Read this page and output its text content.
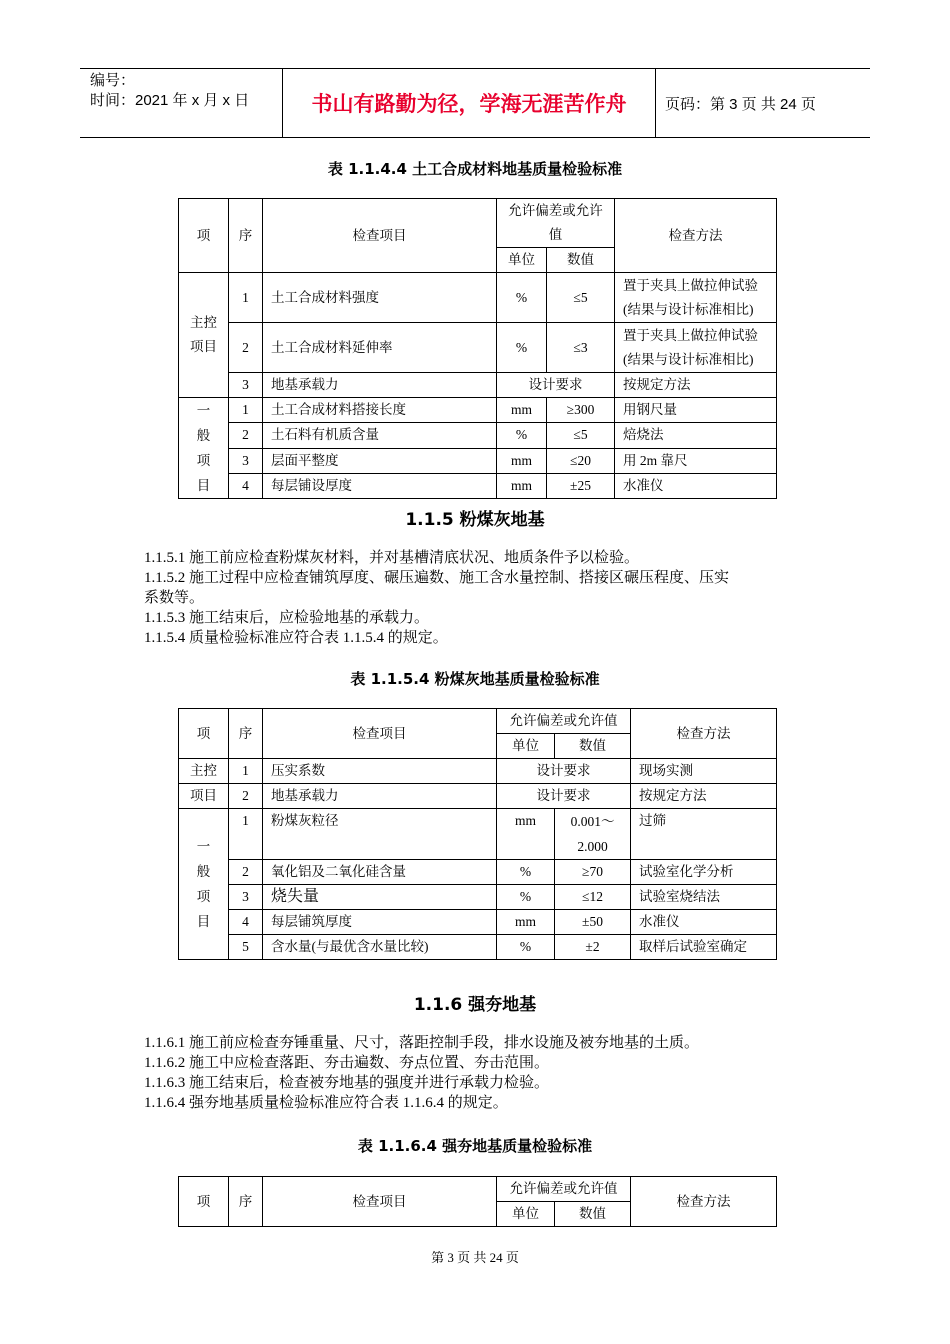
编号：
时间：2021 年 x 月 x 日	书山有路勤为径，学海无涯苦作舟	页码：第 3 页 共 24 页
表 1.1.4.4 土工合成材料地基质量检验标准
项	序	检查项目	允许偏差或允许值		检查方法
			单位	数值	
主控
项目	1	土工合成材料强度	%	≤5	置于夹具上做拉伸试验(结果与设计标准相比)
	2	土工合成材料延伸率	%	≤3	置于夹具上做拉伸试验(结果与设计标准相比)
	3	地基承载力	设计要求		按规定方法
一
般
项
目	1	土工合成材料搭接长度	mm	≥300	用钢尺量
	2	土石料有机质含量	%	≤5	焙烧法
	3	层面平整度	mm	≤20	用 2m 靠尺
	4	每层铺设厚度	mm	±25	水准仪
1.1.5 粉煤灰地基
1.1.5.1 施工前应检查粉煤灰材料，并对基槽清底状况、地质条件予以检验。
1.1.5.2 施工过程中应检查铺筑厚度、碾压遍数、施工含水量控制、搭接区碾压程度、压实
系数等。
1.1.5.3 施工结束后，应检验地基的承载力。
1.1.5.4 质量检验标准应符合表 1.1.5.4 的规定。
表 1.1.5.4 粉煤灰地基质量检验标准
项	序	检查项目	允许偏差或允许值		检查方法
			单位	数值	
主控	1	压实系数	设计要求		现场实测
项目	2	地基承载力	设计要求		按规定方法
一
般
项
目	1	粉煤灰粒径	mm	0.001～2.000	过筛
	2	氧化铝及二氧化硅含量	%	≥70	试验室化学分析
	3	烧失量	%	≤12	试验室烧结法
	4	每层铺筑厚度	mm	±50	水准仪
	5	含水量(与最优含水量比较)	%	±2	取样后试验室确定
1.1.6 强夯地基
1.1.6.1 施工前应检查夯锤重量、尺寸，落距控制手段，排水设施及被夯地基的土质。
1.1.6.2 施工中应检查落距、夯击遍数、夯点位置、夯击范围。
1.1.6.3 施工结束后，检查被夯地基的强度并进行承载力检验。
1.1.6.4 强夯地基质量检验标准应符合表 1.1.6.4 的规定。
表 1.1.6.4 强夯地基质量检验标准
项	序	检查项目	允许偏差或允许值		检查方法
			单位	数值	
第 3 页 共 24 页
